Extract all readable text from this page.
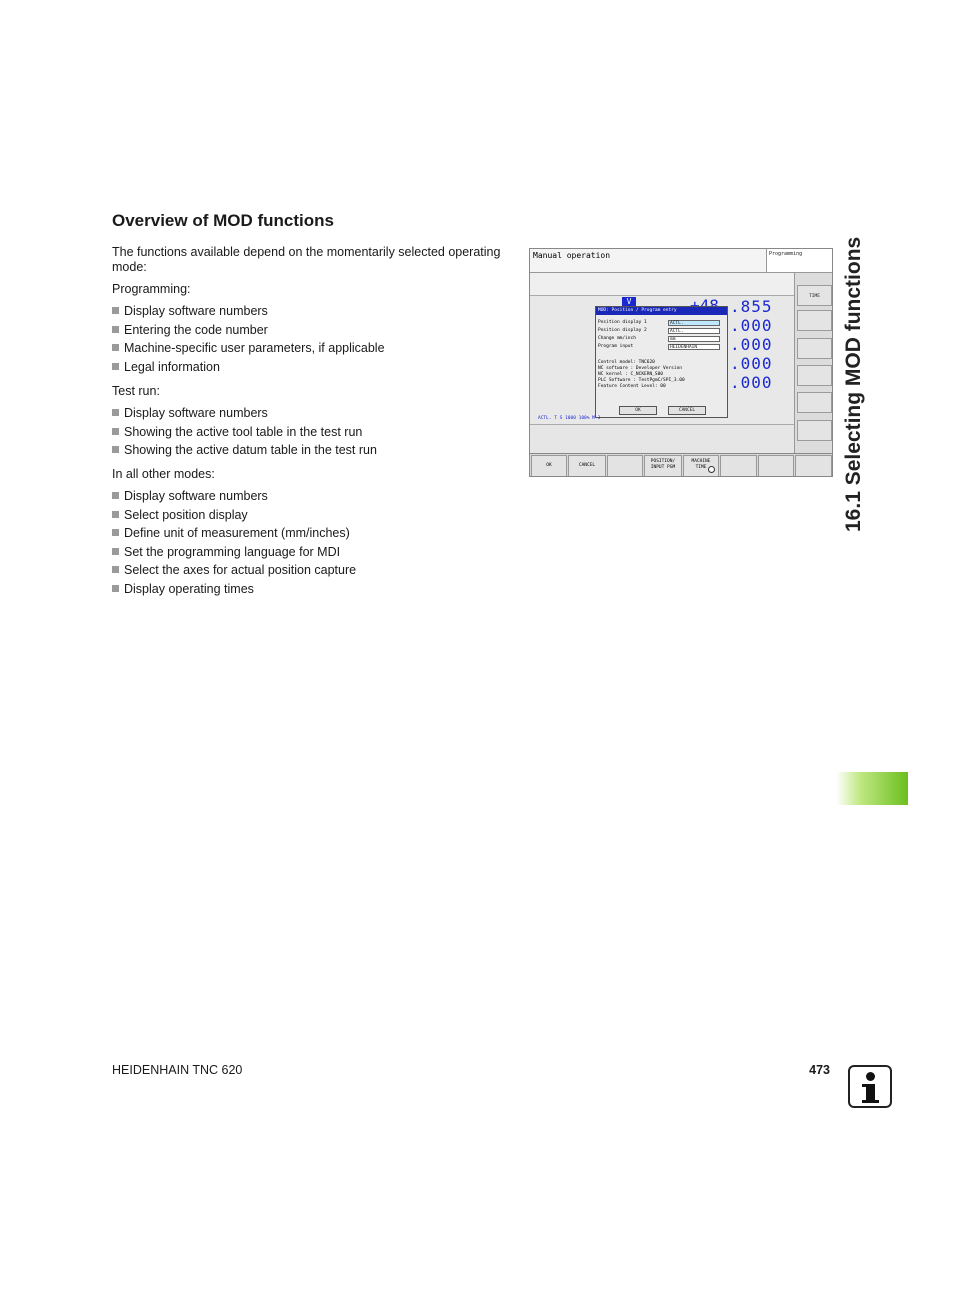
Overview of MOD functions

The functions available depend on the momentarily selected operating mode:

Programming:

Display software numbers
Entering the code number
Machine-specific user parameters, if applicable
Legal information

Test run:

Display software numbers
Showing the active tool table in the test run
Showing the active datum table in the test run

In all other modes:

Display software numbers
Select position display
Define unit of measurement (mm/inches)
Set the programming language for MDI
Select the axes for actual position capture
Display operating times
Manual operation	Programming
TIME
V	.855
.000
.000
.000
.000
MOD: Position / Program entry
Position display 1	ACTL.
Position display 2	ACTL.
Change mm/inch	mm
Program input	HEIDENHAIN
Control model: TNC620
NC software : Developer Version
NC kernel : C_NCKERN_S00
PLC Software : TestPgmC/SPI_3.00
Feature Content Level: 00
OK	CANCEL
ACTL. T S 1000 100% M 3
OK	CANCEL
POSITION/
INPUT PGM
MACHINE
TIME	16.1 Selecting MOD functions
HEIDENHAIN TNC 620	473
